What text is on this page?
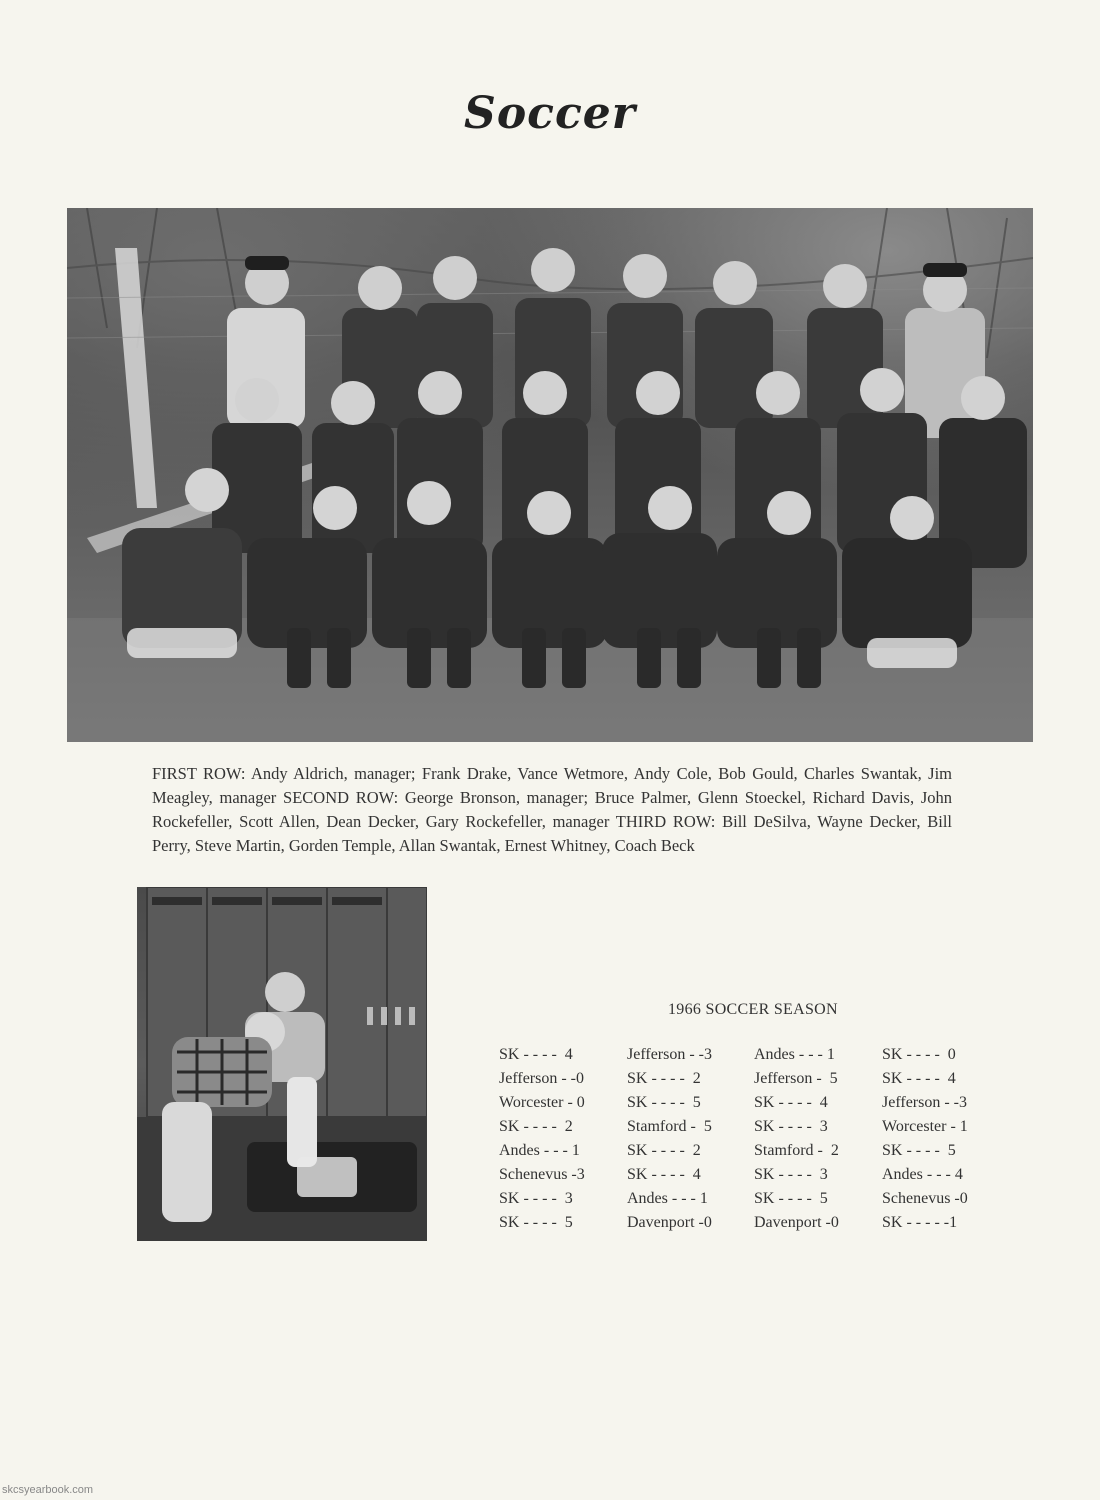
Soccer

FIRST ROW: Andy Aldrich, manager; Frank Drake, Vance Wetmore, Andy Cole, Bob Gould, Charles Swantak, Jim Meagley, manager SECOND ROW: George Bronson, manager; Bruce Palmer, Glenn Stoeckel, Richard Davis, John Rockefeller, Scott Allen, Dean Decker, Gary Rockefeller, manager THIRD ROW: Bill DeSilva, Wayne Decker, Bill Perry, Steve Martin, Gorden Temple, Allan Swantak, Ernest Whitney, Coach Beck

1966 SOCCER SEASON
SK - - - -  4	Jefferson - -3	Andes - - - 1	SK - - - -  0
Jefferson - -0	SK - - - -  2	Jefferson -  5	SK - - - -  4
Worcester - 0	SK - - - -  5	SK - - - -  4	Jefferson - -3
SK - - - -  2	Stamford -  5	SK - - - -  3	Worcester - 1
Andes - - - 1	SK - - - -  2	Stamford -  2	SK - - - -  5
Schenevus -3	SK - - - -  4	SK - - - -  3	Andes - - - 4
SK - - - -  3	Andes - - - 1	SK - - - -  5	Schenevus -0
SK - - - -  5	Davenport -0	Davenport -0	SK - - - - -1
skcsyearbook.com
